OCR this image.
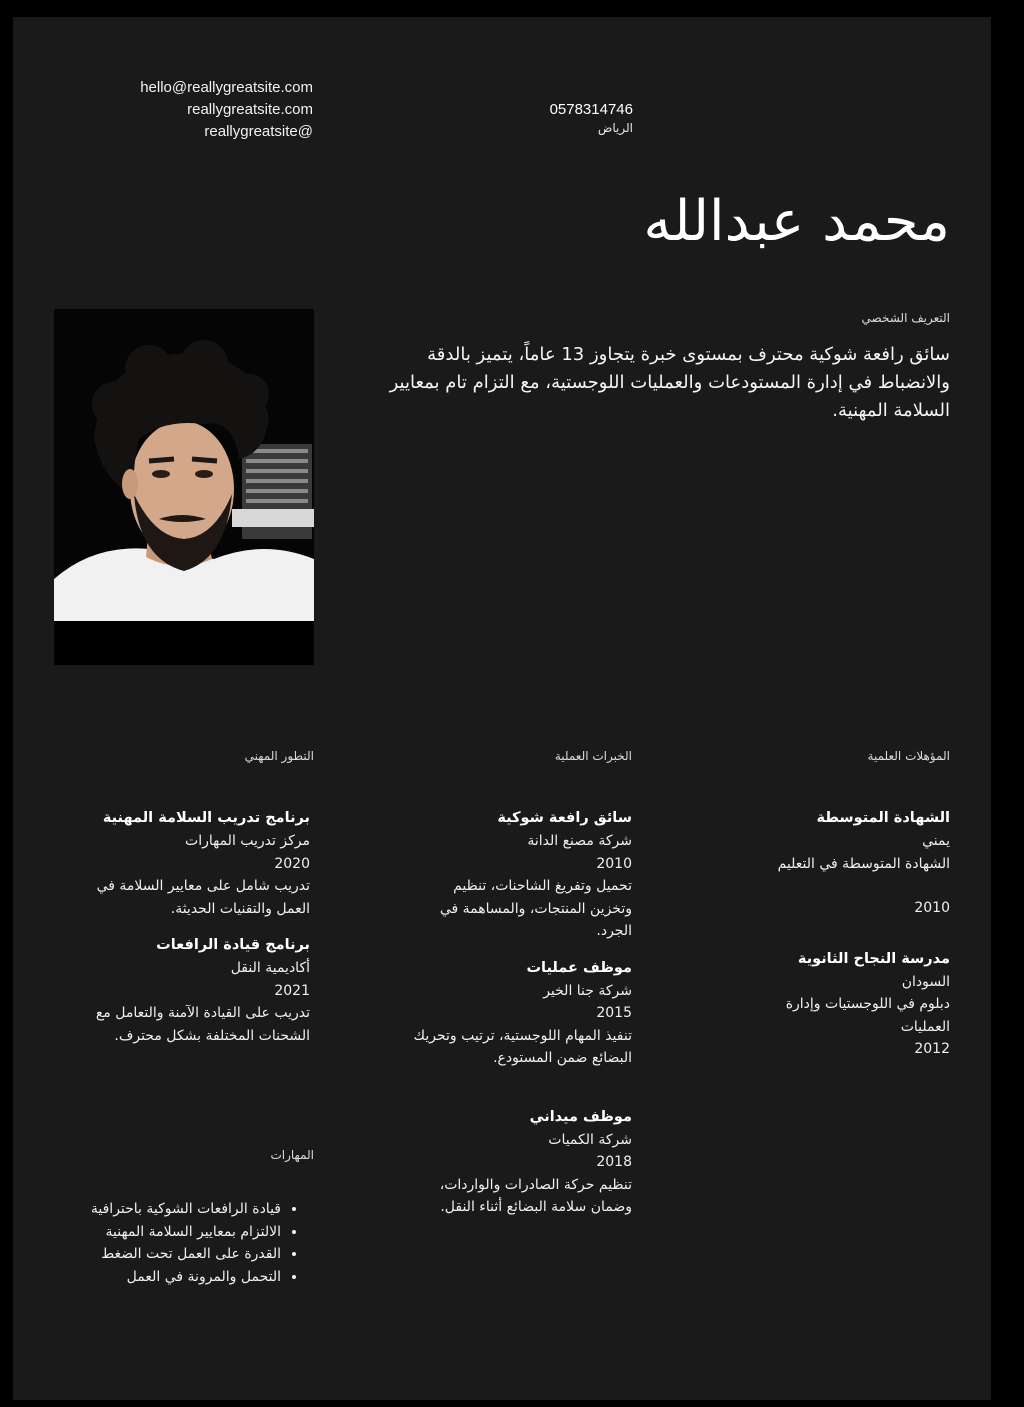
hello@reallygreatsite.com
reallygreatsite.com
reallygreatsite@
0578314746
الرياض
محمد عبدالله
التعريف الشخصي
سائق رافعة شوكية محترف بمستوى خبرة يتجاوز 13 عاماً، يتميز بالدقة والانضباط في إدارة المستودعات والعمليات اللوجستية، مع التزام تام بمعايير السلامة المهنية.
المؤهلات العلمية
الخبرات العملية
التطور المهني
الشهادة المتوسطة
يمني
الشهادة المتوسطة في التعليم
2010
مدرسة النجاح الثانوية
السودان
دبلوم في اللوجستيات وإدارة العمليات
2012
سائق رافعة شوكية
شركة مصنع الدانة
2010
تحميل وتفريغ الشاحنات، تنظيم وتخزين المنتجات، والمساهمة في الجرد.
موظف عمليات
شركة جنا الخير
2015
تنفيذ المهام اللوجستية، ترتيب وتحريك البضائع ضمن المستودع.
موظف ميداني
شركة الكميات
2018
تنظيم حركة الصادرات والواردات، وضمان سلامة البضائع أثناء النقل.
برنامج تدريب السلامة المهنية
مركز تدريب المهارات
2020
تدريب شامل على معايير السلامة في العمل والتقنيات الحديثة.
برنامج قيادة الرافعات
أكاديمية النقل
2021
تدريب على القيادة الآمنة والتعامل مع الشحنات المختلفة بشكل محترف.
المهارات
• قيادة الرافعات الشوكية باحترافية
• الالتزام بمعايير السلامة المهنية
• القدرة على العمل تحت الضغط
• التحمل والمرونة في العمل
